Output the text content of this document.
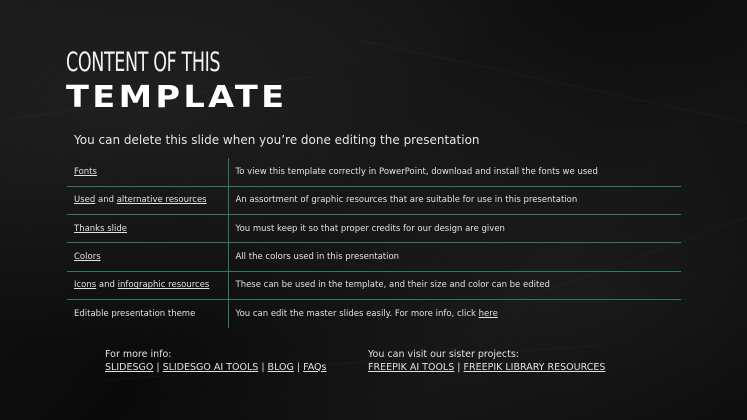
CONTENT OF THIS
TEMPLATE
You can delete this slide when you’re done editing the presentation
Fonts	To view this template correctly in PowerPoint, download and install the fonts we used
Used and alternative resources	An assortment of graphic resources that are suitable for use in this presentation
Thanks slide	You must keep it so that proper credits for our design are given
Colors	All the colors used in this presentation
Icons and infographic resources	These can be used in the template, and their size and color can be edited
Editable presentation theme	You can edit the master slides easily. For more info, click here
For more info:
SLIDESGO | SLIDESGO AI TOOLS | BLOG | FAQs
You can visit our sister projects:
FREEPIK AI TOOLS | FREEPIK LIBRARY RESOURCES
